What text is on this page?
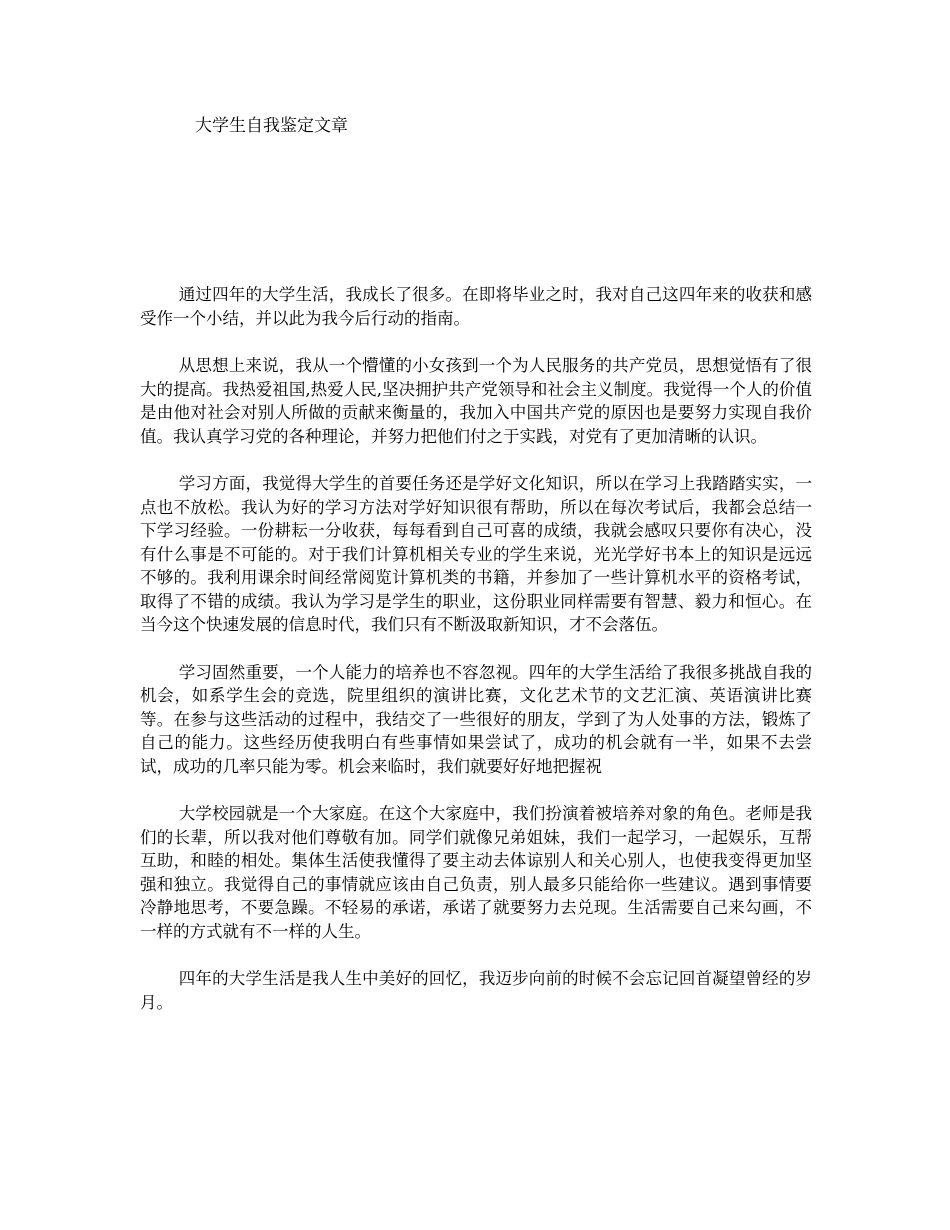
大学生自我鉴定文章

通过四年的大学生活，我成长了很多。在即将毕业之时，我对自己这四年来的收获和感受作一个小结，并以此为我今后行动的指南。

从思想上来说，我从一个懵懂的小女孩到一个为人民服务的共产党员，思想觉悟有了很大的提高。我热爱祖国,热爱人民,坚决拥护共产党领导和社会主义制度。我觉得一个人的价值是由他对社会对别人所做的贡献来衡量的，我加入中国共产党的原因也是要努力实现自我价值。我认真学习党的各种理论，并努力把他们付之于实践，对党有了更加清晰的认识。

学习方面，我觉得大学生的首要任务还是学好文化知识，所以在学习上我踏踏实实，一点也不放松。我认为好的学习方法对学好知识很有帮助，所以在每次考试后，我都会总结一下学习经验。一份耕耘一分收获，每每看到自己可喜的成绩，我就会感叹只要你有决心，没有什么事是不可能的。对于我们计算机相关专业的学生来说，光光学好书本上的知识是远远不够的。我利用课余时间经常阅览计算机类的书籍，并参加了一些计算机水平的资格考试，取得了不错的成绩。我认为学习是学生的职业，这份职业同样需要有智慧、毅力和恒心。在当今这个快速发展的信息时代，我们只有不断汲取新知识，才不会落伍。

学习固然重要，一个人能力的培养也不容忽视。四年的大学生活给了我很多挑战自我的机会，如系学生会的竞选，院里组织的演讲比赛，文化艺术节的文艺汇演、英语演讲比赛等。在参与这些活动的过程中，我结交了一些很好的朋友，学到了为人处事的方法，锻炼了自己的能力。这些经历使我明白有些事情如果尝试了，成功的机会就有一半，如果不去尝试，成功的几率只能为零。机会来临时，我们就要好好地把握祝

大学校园就是一个大家庭。在这个大家庭中，我们扮演着被培养对象的角色。老师是我们的长辈，所以我对他们尊敬有加。同学们就像兄弟姐妹，我们一起学习，一起娱乐，互帮互助，和睦的相处。集体生活使我懂得了要主动去体谅别人和关心别人，也使我变得更加坚强和独立。我觉得自己的事情就应该由自己负责，别人最多只能给你一些建议。遇到事情要冷静地思考，不要急躁。不轻易的承诺，承诺了就要努力去兑现。生活需要自己来勾画，不一样的方式就有不一样的人生。

四年的大学生活是我人生中美好的回忆，我迈步向前的时候不会忘记回首凝望曾经的岁月。
